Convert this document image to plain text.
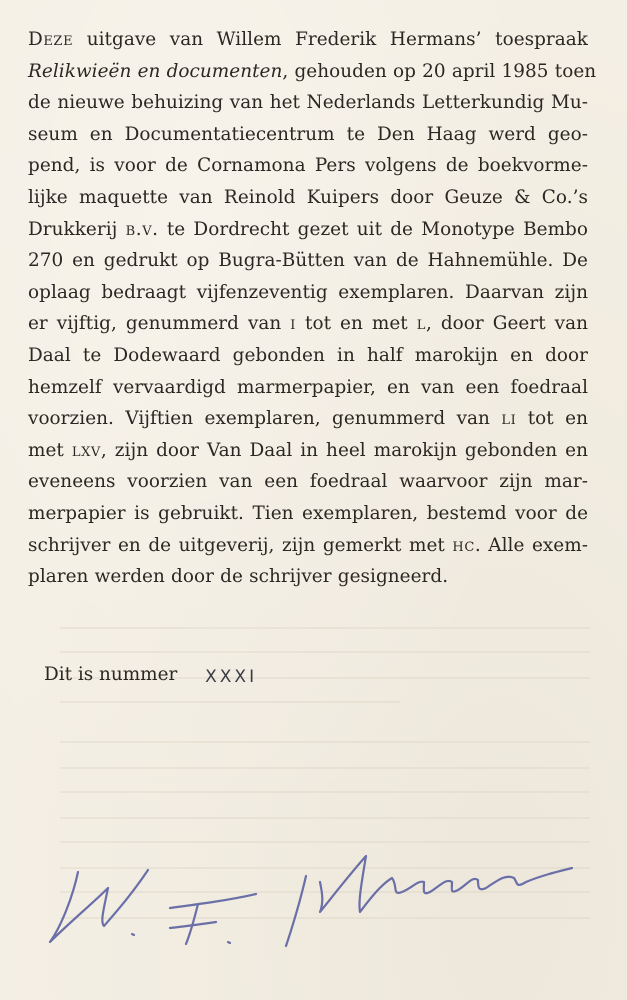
Deze uitgave van Willem Frederik Hermans’ toespraak
Relikwieën en documenten, gehouden op 20 april 1985 toen
de nieuwe behuizing van het Nederlands Letterkundig Mu-
seum en Documentatiecentrum te Den Haag werd geo-
pend, is voor de Cornamona Pers volgens de boekvorme-
lijke maquette van Reinold Kuipers door Geuze & Co.’s
Drukkerij b.v. te Dordrecht gezet uit de Monotype Bembo
270 en gedrukt op Bugra-Bütten van de Hahnemühle. De
oplaag bedraagt vijfenzeventig exemplaren. Daarvan zijn
er vijftig, genummerd van i tot en met l, door Geert van
Daal te Dodewaard gebonden in half marokijn en door
hemzelf vervaardigd marmerpapier, en van een foedraal
voorzien. Vijftien exemplaren, genummerd van li tot en
met lxv, zijn door Van Daal in heel marokijn gebonden en
eveneens voorzien van een foedraal waarvoor zijn mar-
merpapier is gebruikt. Tien exemplaren, bestemd voor de
schrijver en de uitgeverij, zijn gemerkt met hc. Alle exem-
plaren werden door de schrijver gesigneerd.
Dit is nummer XXXI
